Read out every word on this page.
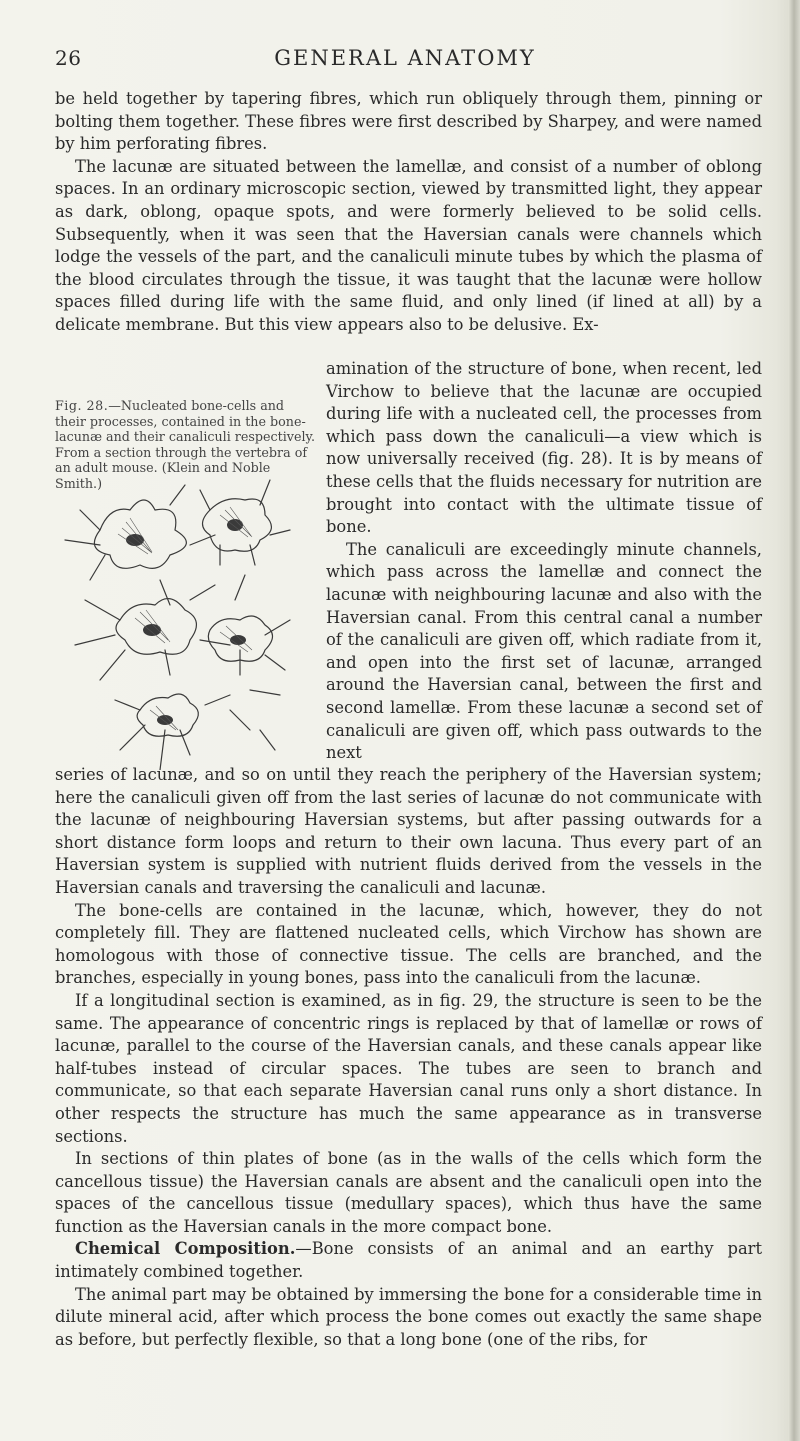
26	GENERAL ANATOMY

be held together by tapering fibres, which run obliquely through them, pinning or bolting them together. These fibres were first described by Sharpey, and were named by him perforating fibres.

The lacunæ are situated between the lamellæ, and consist of a number of oblong spaces. In an ordinary microscopic section, viewed by transmitted light, they appear as dark, oblong, opaque spots, and were formerly believed to be solid cells. Subsequently, when it was seen that the Haversian canals were channels which lodge the vessels of the part, and the canaliculi minute tubes by which the plasma of the blood circulates through the tissue, it was taught that the lacunæ were hollow spaces filled during life with the same fluid, and only lined (if lined at all) by a delicate membrane. But this view appears also to be delusive. Ex-

Fig. 28.—Nucleated bone-cells and their processes, contained in the bone-lacunæ and their canaliculi respectively. From a section through the vertebra of an adult mouse. (Klein and Noble Smith.)

amination of the structure of bone, when recent, led Virchow to believe that the lacunæ are occupied during life with a nucleated cell, the processes from which pass down the canaliculi—a view which is now universally received (fig. 28). It is by means of these cells that the fluids necessary for nutrition are brought into contact with the ultimate tissue of bone.

The canaliculi are exceedingly minute channels, which pass across the lamellæ and connect the lacunæ with neighbouring lacunæ and also with the Haversian canal. From this central canal a number of the canaliculi are given off, which radiate from it, and open into the first set of lacunæ, arranged around the Haversian canal, between the first and second lamellæ. From these lacunæ a second set of canaliculi are given off, which pass outwards to the next

series of lacunæ, and so on until they reach the periphery of the Haversian system; here the canaliculi given off from the last series of lacunæ do not communicate with the lacunæ of neighbouring Haversian systems, but after passing outwards for a short distance form loops and return to their own lacuna. Thus every part of an Haversian system is supplied with nutrient fluids derived from the vessels in the Haversian canals and traversing the canaliculi and lacunæ.

The bone-cells are contained in the lacunæ, which, however, they do not completely fill. They are flattened nucleated cells, which Virchow has shown are homologous with those of connective tissue. The cells are branched, and the branches, especially in young bones, pass into the canaliculi from the lacunæ.

If a longitudinal section is examined, as in fig. 29, the structure is seen to be the same. The appearance of concentric rings is replaced by that of lamellæ or rows of lacunæ, parallel to the course of the Haversian canals, and these canals appear like half-tubes instead of circular spaces. The tubes are seen to branch and communicate, so that each separate Haversian canal runs only a short distance. In other respects the structure has much the same appearance as in transverse sections.

In sections of thin plates of bone (as in the walls of the cells which form the cancellous tissue) the Haversian canals are absent and the canaliculi open into the spaces of the cancellous tissue (medullary spaces), which thus have the same function as the Haversian canals in the more compact bone.

Chemical Composition.—Bone consists of an animal and an earthy part intimately combined together.

The animal part may be obtained by immersing the bone for a considerable time in dilute mineral acid, after which process the bone comes out exactly the same shape as before, but perfectly flexible, so that a long bone (one of the ribs, for
